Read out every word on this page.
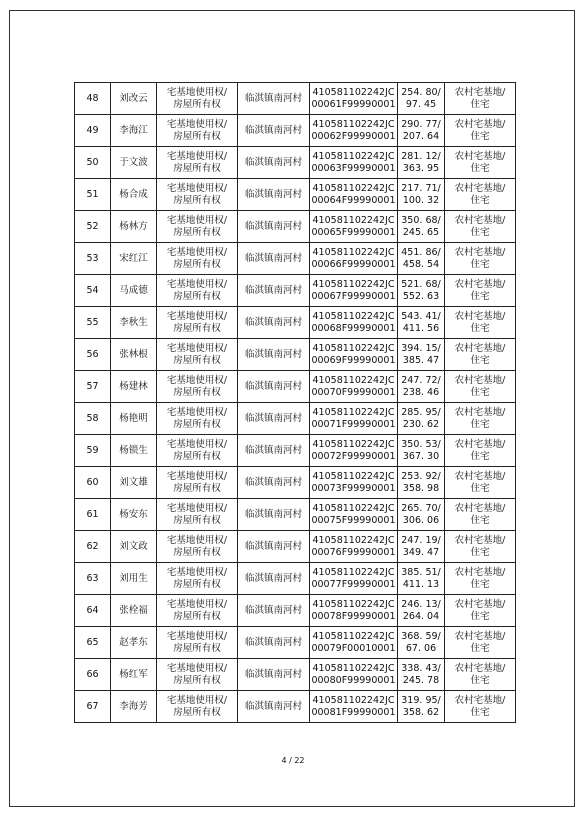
48	刘改云	宅基地使用权/
房屋所有权	临淇镇南河村	410581102242JC
00061F99990001	254. 80/
97. 45	农村宅基地/
住宅

49	李海江	宅基地使用权/
房屋所有权	临淇镇南河村	410581102242JC
00062F99990001	290. 77/
207. 64	农村宅基地/
住宅

50	于文波	宅基地使用权/
房屋所有权	临淇镇南河村	410581102242JC
00063F99990001	281. 12/
363. 95	农村宅基地/
住宅

51	杨合成	宅基地使用权/
房屋所有权	临淇镇南河村	410581102242JC
00064F99990001	217. 71/
100. 32	农村宅基地/
住宅

52	杨林方	宅基地使用权/
房屋所有权	临淇镇南河村	410581102242JC
00065F99990001	350. 68/
245. 65	农村宅基地/
住宅

53	宋红江	宅基地使用权/
房屋所有权	临淇镇南河村	410581102242JC
00066F99990001	451. 86/
458. 54	农村宅基地/
住宅

54	马成德	宅基地使用权/
房屋所有权	临淇镇南河村	410581102242JC
00067F99990001	521. 68/
552. 63	农村宅基地/
住宅

55	李秋生	宅基地使用权/
房屋所有权	临淇镇南河村	410581102242JC
00068F99990001	543. 41/
411. 56	农村宅基地/
住宅

56	张林根	宅基地使用权/
房屋所有权	临淇镇南河村	410581102242JC
00069F99990001	394. 15/
385. 47	农村宅基地/
住宅

57	杨建林	宅基地使用权/
房屋所有权	临淇镇南河村	410581102242JC
00070F99990001	247. 72/
238. 46	农村宅基地/
住宅

58	杨艳明	宅基地使用权/
房屋所有权	临淇镇南河村	410581102242JC
00071F99990001	285. 95/
230. 62	农村宅基地/
住宅

59	杨锁生	宅基地使用权/
房屋所有权	临淇镇南河村	410581102242JC
00072F99990001	350. 53/
367. 30	农村宅基地/
住宅

60	刘文雄	宅基地使用权/
房屋所有权	临淇镇南河村	410581102242JC
00073F99990001	253. 92/
358. 98	农村宅基地/
住宅

61	杨安东	宅基地使用权/
房屋所有权	临淇镇南河村	410581102242JC
00075F99990001	265. 70/
306. 06	农村宅基地/
住宅

62	刘文政	宅基地使用权/
房屋所有权	临淇镇南河村	410581102242JC
00076F99990001	247. 19/
349. 47	农村宅基地/
住宅

63	刘用生	宅基地使用权/
房屋所有权	临淇镇南河村	410581102242JC
00077F99990001	385. 51/
411. 13	农村宅基地/
住宅

64	张栓福	宅基地使用权/
房屋所有权	临淇镇南河村	410581102242JC
00078F99990001	246. 13/
264. 04	农村宅基地/
住宅

65	赵孝东	宅基地使用权/
房屋所有权	临淇镇南河村	410581102242JC
00079F00010001	368. 59/
67. 06	农村宅基地/
住宅

66	杨红军	宅基地使用权/
房屋所有权	临淇镇南河村	410581102242JC
00080F99990001	338. 43/
245. 78	农村宅基地/
住宅

67	李海芳	宅基地使用权/
房屋所有权	临淇镇南河村	410581102242JC
00081F99990001	319. 95/
358. 62	农村宅基地/
住宅
4 / 22
